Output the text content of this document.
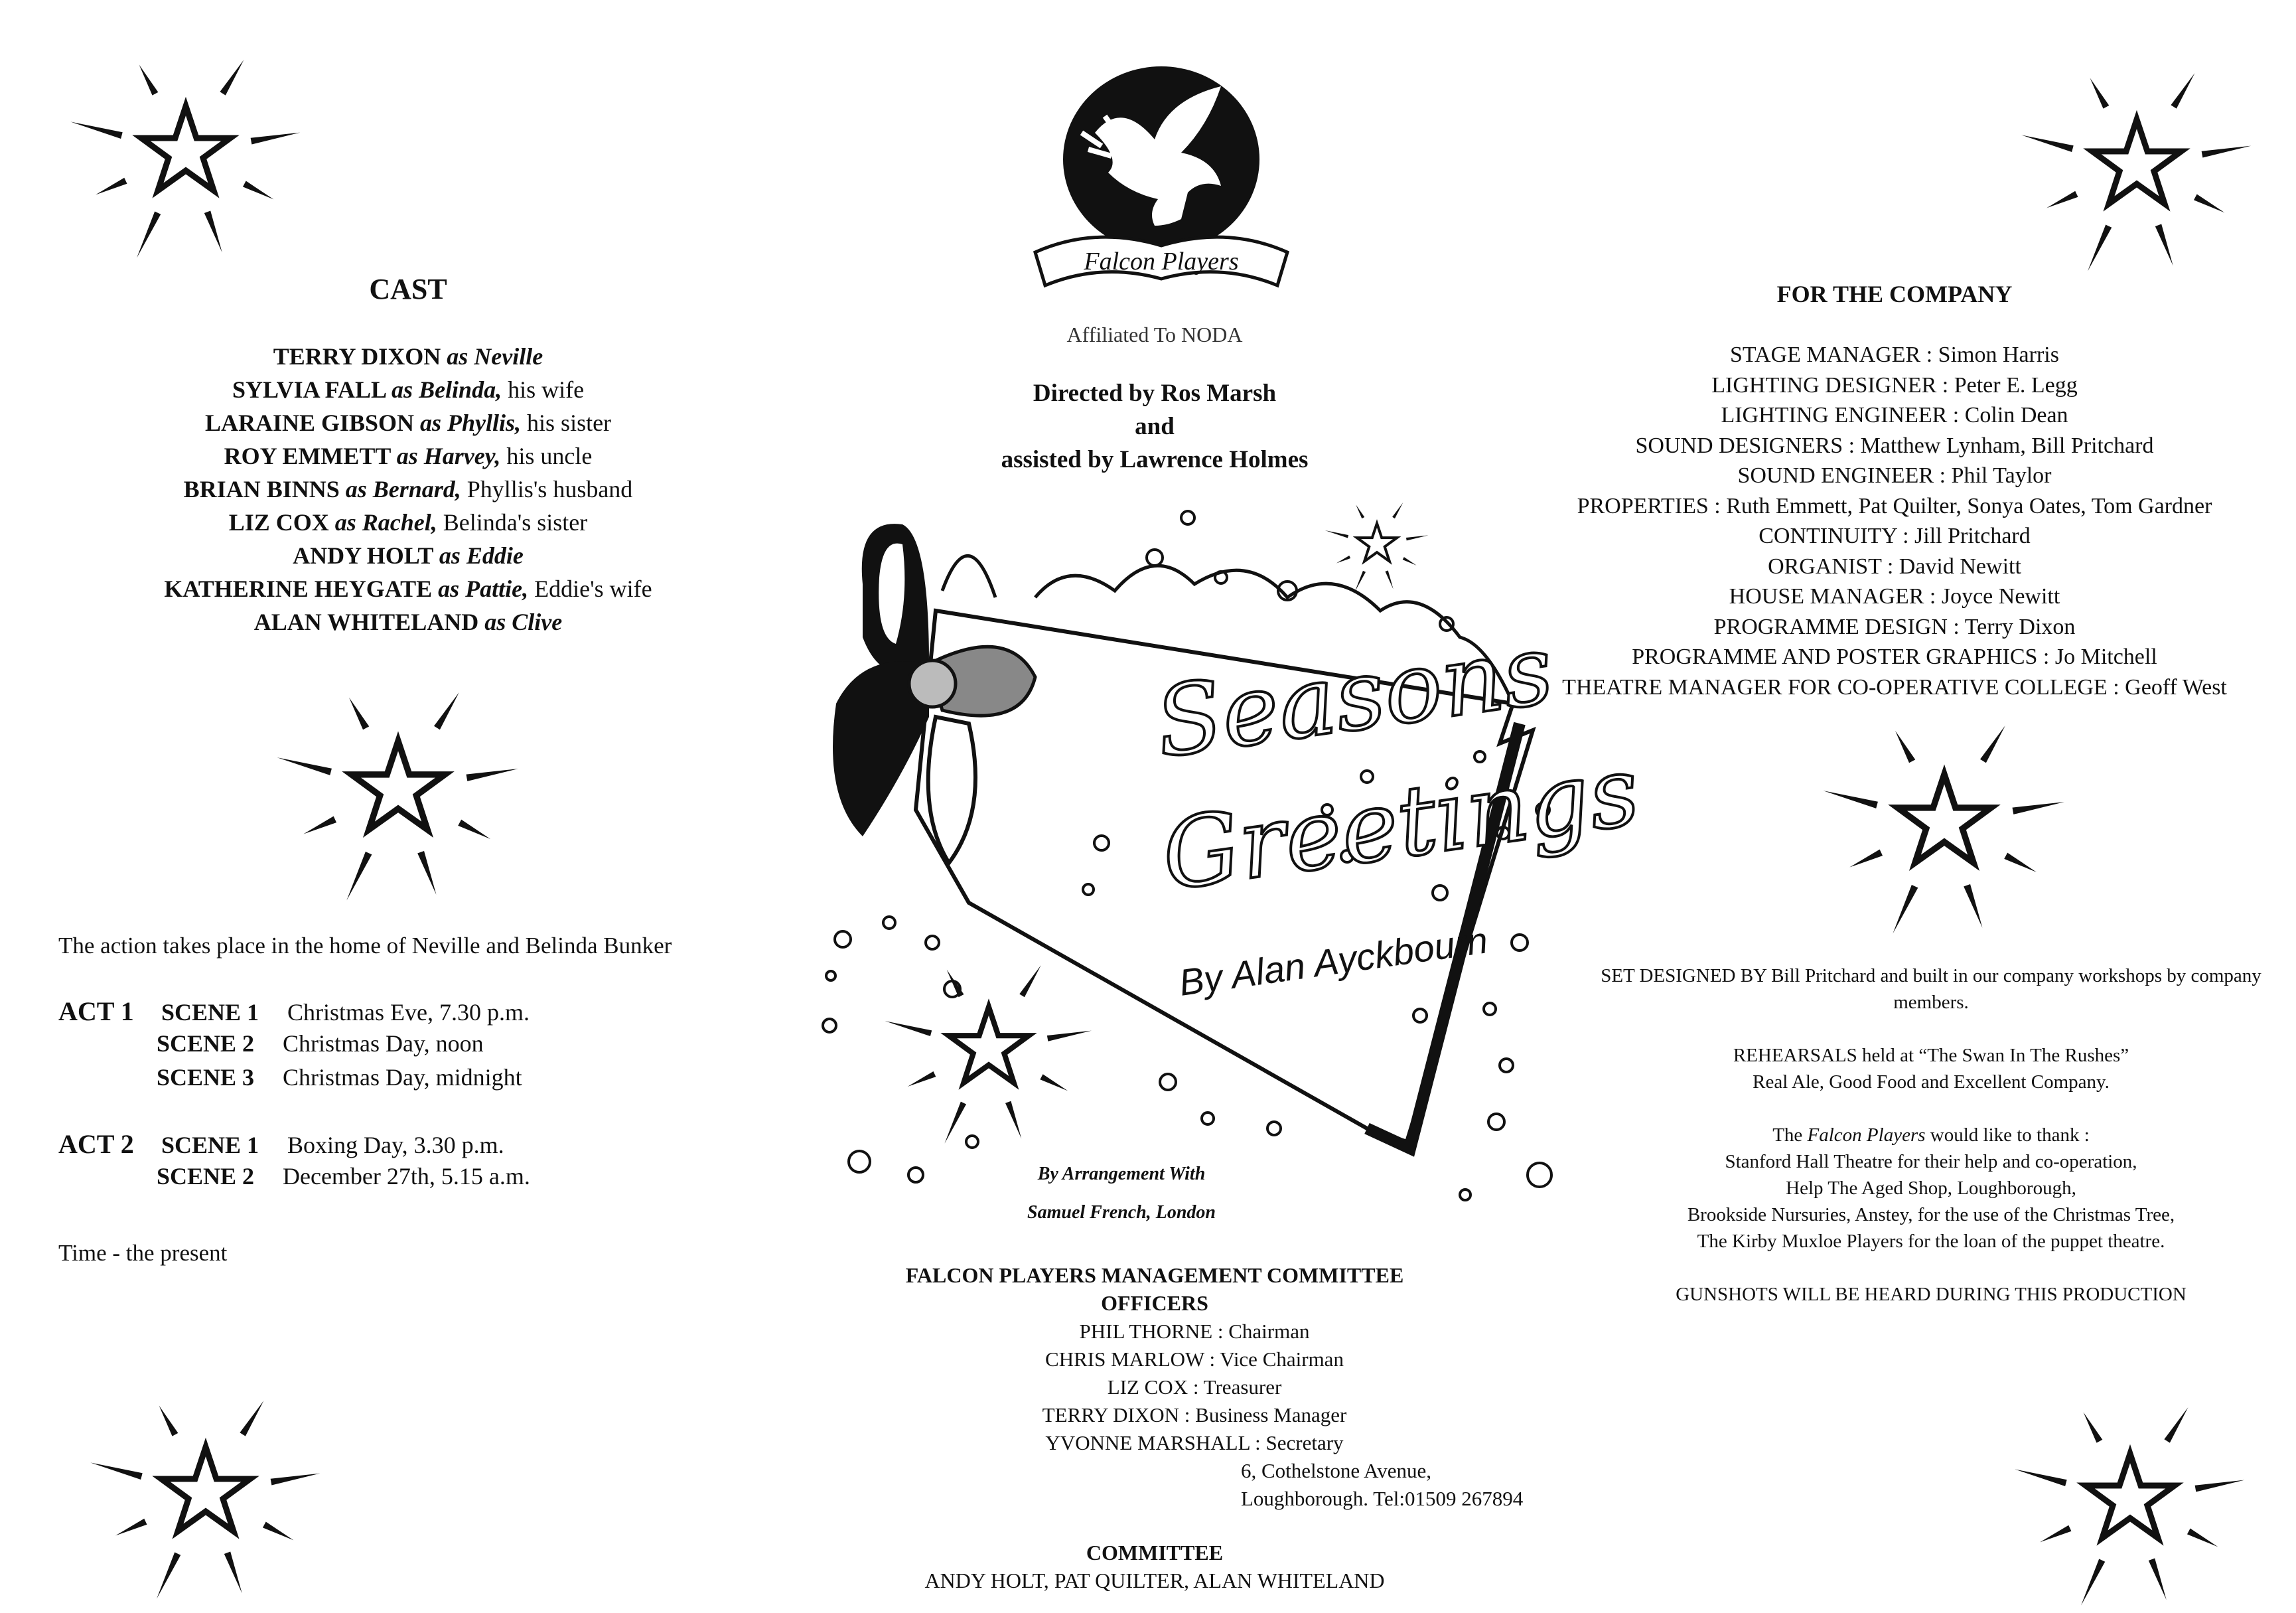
Falcon Players
Affiliated To NODA
Directed by Ros Marsh
and
assisted by Lawrence Holmes
Seasons
Greetings
By Alan Ayckbourn
By Arrangement With
Samuel French, London
CAST
TERRY DIXON as Neville
SYLVIA FALL as Belinda, his wife
LARAINE GIBSON as Phyllis, his sister
ROY EMMETT as Harvey, his uncle
BRIAN BINNS as Bernard, Phyllis's husband
LIZ COX as Rachel, Belinda's sister
ANDY HOLT as Eddie
KATHERINE HEYGATE as Pattie, Eddie's wife
ALAN WHITELAND as Clive
The action takes place in the home of Neville and Belinda Bunker
ACT 1 SCENE 1 Christmas Eve, 7.30 p.m.
SCENE 2 Christmas Day, noon
SCENE 3 Christmas Day, midnight
ACT 2 SCENE 1 Boxing Day, 3.30 p.m.
SCENE 2 December 27th, 5.15 a.m.
Time - the present
FALCON PLAYERS MANAGEMENT COMMITTEE
OFFICERS
PHIL THORNE : Chairman
CHRIS MARLOW : Vice Chairman
LIZ COX : Treasurer
TERRY DIXON : Business Manager
YVONNE MARSHALL : Secretary
6, Cothelstone Avenue,
Loughborough. Tel:01509 267894
COMMITTEE
ANDY HOLT, PAT QUILTER, ALAN WHITELAND
FOR THE COMPANY
STAGE MANAGER : Simon Harris
LIGHTING DESIGNER : Peter E. Legg
LIGHTING ENGINEER : Colin Dean
SOUND DESIGNERS : Matthew Lynham, Bill Pritchard
SOUND ENGINEER : Phil Taylor
PROPERTIES : Ruth Emmett, Pat Quilter, Sonya Oates, Tom Gardner
CONTINUITY : Jill Pritchard
ORGANIST : David Newitt
HOUSE MANAGER : Joyce Newitt
PROGRAMME DESIGN : Terry Dixon
PROGRAMME AND POSTER GRAPHICS : Jo Mitchell
THEATRE MANAGER FOR CO-OPERATIVE COLLEGE : Geoff West

SET DESIGNED BY Bill Pritchard and built in our company workshops by company members.

REHEARSALS held at “The Swan In The Rushes”
Real Ale, Good Food and Excellent Company.

The Falcon Players would like to thank :
Stanford Hall Theatre for their help and co-operation,
Help The Aged Shop, Loughborough,
Brookside Nursuries, Anstey, for the use of the Christmas Tree,
The Kirby Muxloe Players for the loan of the puppet theatre.

GUNSHOTS WILL BE HEARD DURING THIS PRODUCTION
